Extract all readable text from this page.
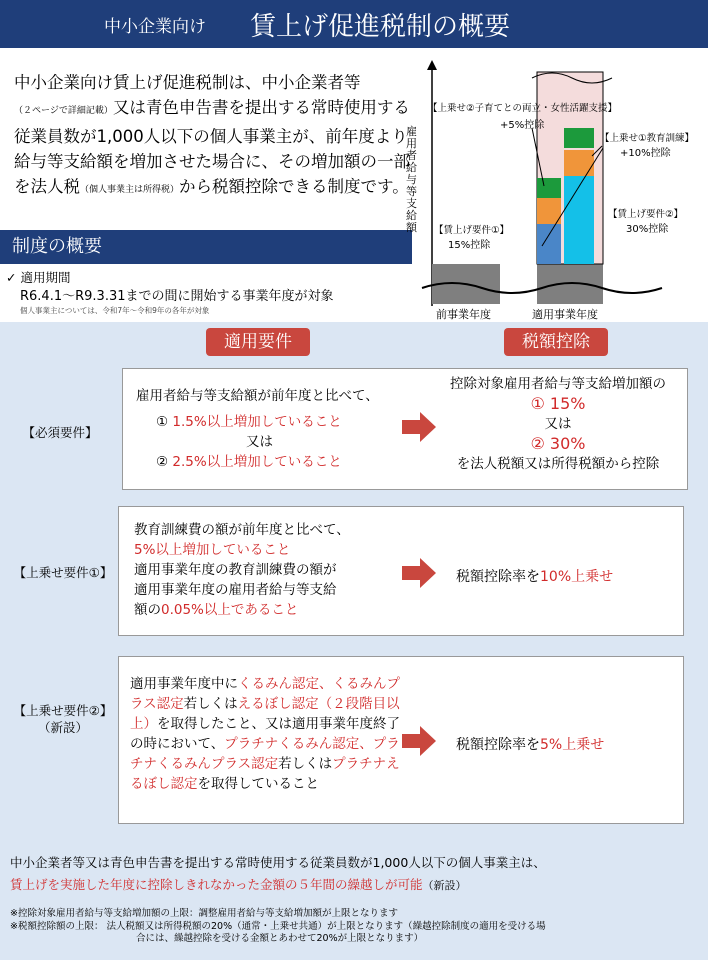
中小企業向け 賃上げ促進税制の概要
中小企業向け賃上げ促進税制は、中小企業者等
（２ページで詳細記載）又は青色申告書を提出する常時使用する従業員数が1,000人以下の個人事業主が、前年度より給与等支給額を増加させた場合に、その増加額の一部を法人税（個人事業主は所得税）から税額控除できる制度です。
制度の概要
✓ 適用期間
R6.4.1～R9.3.31までの間に開始する事業年度が対象
個人事業主については、令和7年～令和9年の各年が対象
雇用者給与等支給額
【上乗せ②子育てとの両立・女性活躍支援】
+5%控除
【上乗せ①教育訓練】
+10%控除
【賃上げ要件②】
30%控除
【賃上げ要件①】
15%控除
前事業年度	適用事業年度
適用要件	税額控除
【必須要件】
雇用者給与等支給額が前年度と比べて、
① 1.5%以上増加していること
又は
② 2.5%以上増加していること
控除対象雇用者給与等支給増加額の
① 15%
又は
② 30%
を法人税額又は所得税額から控除
【上乗せ要件①】
教育訓練費の額が前年度と比べて、
5%以上増加していること
適用事業年度の教育訓練費の額が
適用事業年度の雇用者給与等支給
額の0.05%以上であること
税額控除率を10%上乗せ
【上乗せ要件②】
（新設）
適用事業年度中にくるみん認定、くるみんプラス認定若しくはえるぼし認定（２段階目以上）を取得したこと、又は適用事業年度終了の時において、プラチナくるみん認定、プラチナくるみんプラス認定若しくはプラチナえるぼし認定を取得していること
税額控除率を5%上乗せ
中小企業者等又は青色申告書を提出する常時使用する従業員数が1,000人以下の個人事業主は、
賃上げを実施した年度に控除しきれなかった金額の５年間の繰越しが可能（新設）
※控除対象雇用者給与等支給増加額の上限：調整雇用者給与等支給増加額が上限となります
※税額控除額の上限： 法人税額又は所得税額の20%（通常・上乗せ共通）が上限となります（繰越控除制度の適用を受ける場
合には、繰越控除を受ける金額とあわせて20%が上限となります）
